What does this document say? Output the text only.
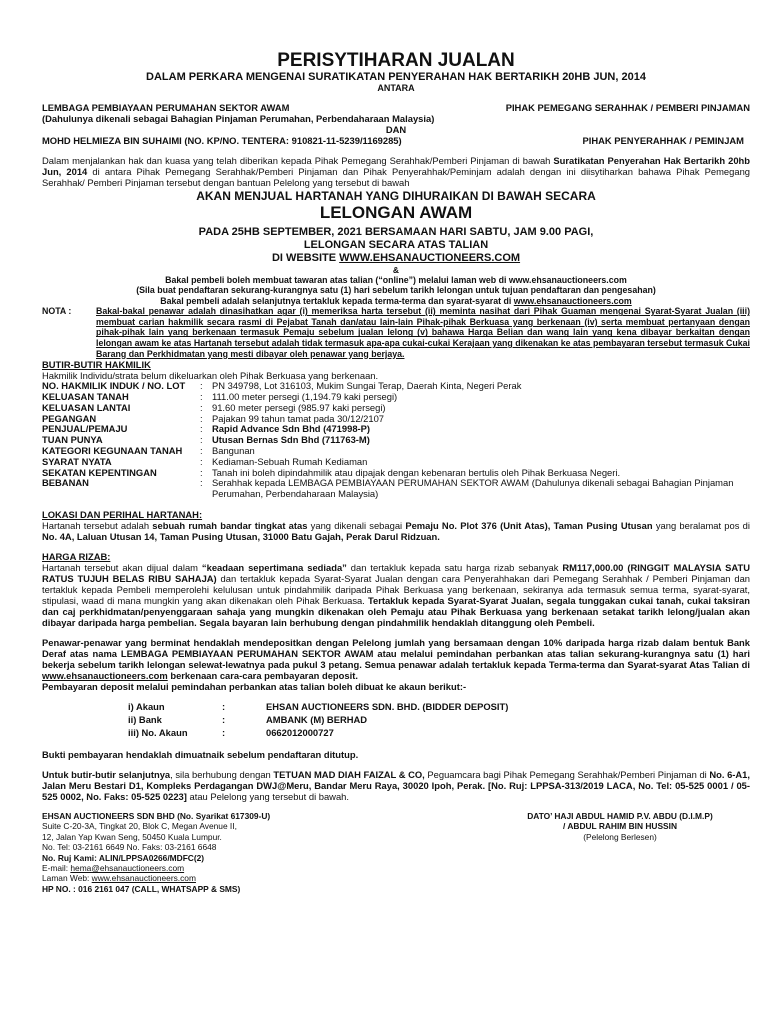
PERISYTIHARAN JUALAN
DALAM PERKARA MENGENAI SURATIKATAN PENYERAHAN HAK BERTARIKH 20HB JUN, 2014
ANTARA
LEMBAGA PEMBIAYAAN PERUMAHAN SEKTOR AWAM	PIHAK PEMEGANG SERAHHAK / PEMBERI PINJAMAN
(Dahulunya dikenali sebagai Bahagian Pinjaman Perumahan, Perbendaharaan Malaysia)
DAN
MOHD HELMIEZA BIN SUHAIMI (NO. KP/NO. TENTERA: 910821-11-5239/1169285)	PIHAK PENYERAHHAK / PEMINJAM

Dalam menjalankan hak dan kuasa yang telah diberikan kepada Pihak Pemegang Serahhak/Pemberi Pinjaman di bawah Suratikatan Penyerahan Hak Bertarikh 20hb Jun, 2014 di antara Pihak Pemegang Serahhak/Pemberi Pinjaman dan Pihak Penyerahhak/Peminjam adalah dengan ini diisytiharkan bahawa Pihak Pemegang Serahhak/ Pemberi Pinjaman tersebut dengan bantuan Pelelong yang tersebut di bawah

AKAN MENJUAL HARTANAH YANG DIHURAIKAN DI BAWAH SECARA
LELONGAN AWAM
PADA 25HB SEPTEMBER, 2021 BERSAMAAN HARI SABTU, JAM 9.00 PAGI,
LELONGAN SECARA ATAS TALIAN
DI WEBSITE WWW.EHSANAUCTIONEERS.COM
&
Bakal pembeli boleh membuat tawaran atas talian (“online”) melalui laman web di www.ehsanauctioneers.com
(Sila buat pendaftaran sekurang-kurangnya satu (1) hari sebelum tarikh lelongan untuk tujuan pendaftaran dan pengesahan)
Bakal pembeli adalah selanjutnya tertakluk kepada terma-terma dan syarat-syarat di www.ehsanauctioneers.com
NOTA :	Bakal-bakal penawar adalah dinasihatkan agar (i) memeriksa harta tersebut (ii) meminta nasihat dari Pihak Guaman mengenai Syarat-Syarat Jualan (iii) membuat carian hakmilik secara rasmi di Pejabat Tanah dan/atau lain-lain Pihak-pihak Berkuasa yang berkenaan (iv) serta membuat pertanyaan dengan pihak-pihak lain yang berkenaan termasuk Pemaju sebelum jualan lelong (v) bahawa Harga Belian dan wang lain yang kena dibayar berkaitan dengan lelongan awam ke atas Hartanah tersebut adalah tidak termasuk apa-apa cukai-cukai Kerajaan yang dikenakan ke atas pembayaran tersebut termasuk Cukai Barang dan Perkhidmatan yang mesti dibayar oleh penawar yang berjaya.
BUTIR-BUTIR HAKMILIK
Hakmilik Individu/strata belum dikeluarkan oleh Pihak Berkuasa yang berkenaan.
NO. HAKMILIK INDUK / NO. LOT	:	PN 349798, Lot 316103, Mukim Sungai Terap, Daerah Kinta, Negeri Perak
KELUASAN TANAH	:	111.00 meter persegi (1,194.79 kaki persegi)
KELUASAN LANTAI	:	91.60 meter persegi (985.97 kaki persegi)
PEGANGAN	:	Pajakan 99 tahun tamat pada 30/12/2107
PENJUAL/PEMAJU	:	Rapid Advance Sdn Bhd (471998-P)
TUAN PUNYA	:	Utusan Bernas Sdn Bhd (711763-M)
KATEGORI KEGUNAAN TANAH	:	Bangunan
SYARAT NYATA	:	Kediaman-Sebuah Rumah Kediaman
SEKATAN KEPENTINGAN	:	Tanah ini boleh dipindahmilik atau dipajak dengan kebenaran bertulis oleh Pihak Berkuasa Negeri.
BEBANAN	:	Serahhak kepada LEMBAGA PEMBIAYAAN PERUMAHAN SEKTOR AWAM (Dahulunya dikenali sebagai Bahagian Pinjaman Perumahan, Perbendaharaan Malaysia)
LOKASI DAN PERIHAL HARTANAH:

Hartanah tersebut adalah sebuah rumah bandar tingkat atas yang dikenali sebagai Pemaju No. Plot 376 (Unit Atas), Taman Pusing Utusan yang beralamat pos di No. 4A, Laluan Utusan 14, Taman Pusing Utusan, 31000 Batu Gajah, Perak Darul Ridzuan.

HARGA RIZAB:

Hartanah tersebut akan dijual dalam “keadaan sepertimana sediada” dan tertakluk kepada satu harga rizab sebanyak RM117,000.00 (RINGGIT MALAYSIA SATU RATUS TUJUH BELAS RIBU SAHAJA) dan tertakluk kepada Syarat-Syarat Jualan dengan cara Penyerahhakan dari Pemegang Serahhak / Pemberi Pinjaman dan tertakluk kepada Pembeli memperolehi kelulusan untuk pindahmilik daripada Pihak Berkuasa yang berkenaan, sekiranya ada termasuk semua terma, syarat-syarat, stipulasi, waad di mana mungkin yang akan dikenakan oleh Pihak Berkuasa. Tertakluk kepada Syarat-Syarat Jualan, segala tunggakan cukai tanah, cukai taksiran dan caj perkhidmatan/penyenggaraan sahaja yang mungkin dikenakan oleh Pemaju atau Pihak Berkuasa yang berkenaan setakat tarikh lelong/jualan akan dibayar daripada harga pembelian. Segala bayaran lain berhubung dengan pindahmilik hendaklah ditanggung oleh Pembeli.

Penawar-penawar yang berminat hendaklah mendepositkan dengan Pelelong jumlah yang bersamaan dengan 10% daripada harga rizab dalam bentuk Bank Deraf atas nama LEMBAGA PEMBIAYAAN PERUMAHAN SEKTOR AWAM atau melalui pemindahan perbankan atas talian sekurang-kurangnya satu (1) hari bekerja sebelum tarikh lelongan selewat-lewatnya pada pukul 3 petang. Semua penawar adalah tertakluk kepada Terma-terma dan Syarat-syarat Atas Talian di www.ehsanauctioneers.com berkenaan cara-cara pembayaran deposit.

Pembayaran deposit melalui pemindahan perbankan atas talian boleh dibuat ke akaun berikut:-
i) Akaun	:	EHSAN AUCTIONEERS SDN. BHD. (BIDDER DEPOSIT)
ii) Bank	:	AMBANK (M) BERHAD
iii) No. Akaun	:	0662012000727
Bukti pembayaran hendaklah dimuatnaik sebelum pendaftaran ditutup.

Untuk butir-butir selanjutnya, sila berhubung dengan TETUAN MAD DIAH FAIZAL & CO, Peguamcara bagi Pihak Pemegang Serahhak/Pemberi Pinjaman di No. 6-A1, Jalan Meru Bestari D1, Kompleks Perdagangan DWJ@Meru, Bandar Meru Raya, 30020 Ipoh, Perak. [No. Ruj: LPPSA-313/2019 LACA, No. Tel: 05-525 0001 / 05-525 0002, No. Faks: 05-525 0223] atau Pelelong yang tersebut di bawah.

EHSAN AUCTIONEERS SDN BHD (No. Syarikat 617309-U)
Suite C-20-3A, Tingkat 20, Blok C, Megan Avenue II,
12, Jalan Yap Kwan Seng, 50450 Kuala Lumpur.
No. Tel: 03-2161 6649 No. Faks: 03-2161 6648
No. Ruj Kami: ALIN/LPPSA0266/MDFC(2)
E-mail: hema@ehsanauctioneers.com
Laman Web: www.ehsanauctioneers.com
HP NO. : 016 2161 047 (CALL, WHATSAPP & SMS)
DATO’ HAJI ABDUL HAMID P.V. ABDU (D.I.M.P)
/ ABDUL RAHIM BIN HUSSIN
(Pelelong Berlesen)
